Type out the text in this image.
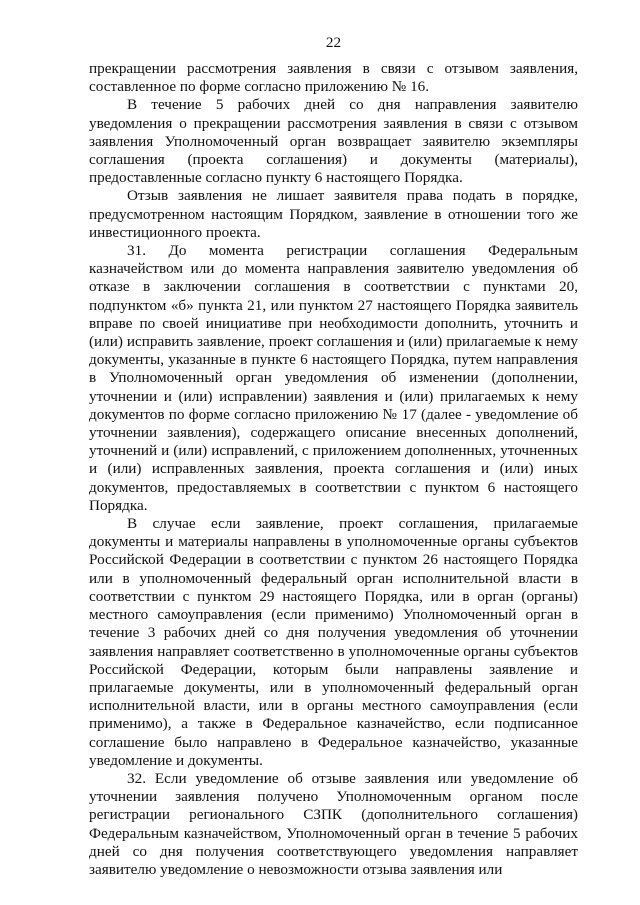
22

прекращении рассмотрения заявления в связи с отзывом заявления, составленное по форме согласно приложению № 16.

В течение 5 рабочих дней со дня направления заявителю уведомления о прекращении рассмотрения заявления в связи с отзывом заявления Уполномоченный орган возвращает заявителю экземпляры соглашения (проекта соглашения) и документы (материалы), предоставленные согласно пункту 6 настоящего Порядка.

Отзыв заявления не лишает заявителя права подать в порядке, предусмотренном настоящим Порядком, заявление в отношении того же инвестиционного проекта.

31. До момента регистрации соглашения Федеральным казначейством или до момента направления заявителю уведомления об отказе в заключении соглашения в соответствии с пунктами 20, подпунктом «б» пункта 21, или пунктом 27 настоящего Порядка заявитель вправе по своей инициативе при необходимости дополнить, уточнить и (или) исправить заявление, проект соглашения и (или) прилагаемые к нему документы, указанные в пункте 6 настоящего Порядка, путем направления в Уполномоченный орган уведомления об изменении (дополнении, уточнении и (или) исправлении) заявления и (или) прилагаемых к нему документов по форме согласно приложению № 17 (далее - уведомление об уточнении заявления), содержащего описание внесенных дополнений, уточнений и (или) исправлений, с приложением дополненных, уточненных и (или) исправленных заявления, проекта соглашения и (или) иных документов, предоставляемых в соответствии с пунктом 6 настоящего Порядка.

В случае если заявление, проект соглашения, прилагаемые документы и материалы направлены в уполномоченные органы субъектов Российской Федерации в соответствии с пунктом 26 настоящего Порядка или в уполномоченный федеральный орган исполнительной власти в соответствии с пунктом 29 настоящего Порядка, или в орган (органы) местного самоуправления (если применимо) Уполномоченный орган в течение 3 рабочих дней со дня получения уведомления об уточнении заявления направляет соответственно в уполномоченные органы субъектов Российской Федерации, которым были направлены заявление и прилагаемые документы, или в уполномоченный федеральный орган исполнительной власти, или в органы местного самоуправления (если применимо), а также в Федеральное казначейство, если подписанное соглашение было направлено в Федеральное казначейство, указанные уведомление и документы.

32. Если уведомление об отзыве заявления или уведомление об уточнении заявления получено Уполномоченным органом после регистрации регионального СЗПК (дополнительного соглашения) Федеральным казначейством, Уполномоченный орган в течение 5 рабочих дней со дня получения соответствующего уведомления направляет заявителю уведомление о невозможности отзыва заявления или
